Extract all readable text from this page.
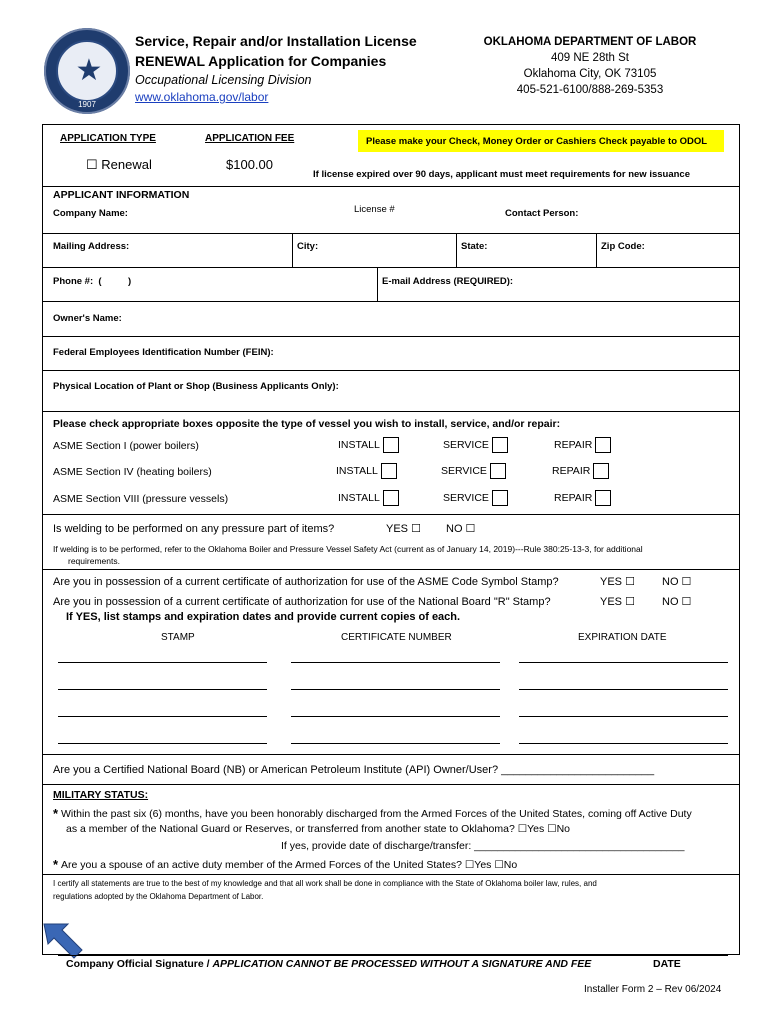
★
1907
Service, Repair and/or Installation License
RENEWAL Application for Companies
Occupational Licensing Division
www.oklahoma.gov/labor
OKLAHOMA DEPARTMENT OF LABOR
409 NE 28th St
Oklahoma City, OK 73105
405-521-6100/888-269-5353
APPLICATION TYPE	APPLICATION FEE	Please make your Check, Money Order or Cashiers Check payable to ODOL
☐ Renewal	$100.00
If license expired over 90 days, applicant must meet requirements for new issuance
APPLICANT INFORMATION
Company Name:	License #	Contact Person:
Mailing Address:	City:	State:	Zip Code:
Phone #:  (          )	E-mail Address (REQUIRED):
Owner's Name:
Federal Employees Identification Number (FEIN):
Physical Location of Plant or Shop (Business Applicants Only):
Please check appropriate boxes opposite the type of vessel you wish to install, service, and/or repair:
ASME Section I (power boilers)	INSTALL	SERVICE	REPAIR
ASME Section IV (heating boilers)	INSTALL	SERVICE	REPAIR
ASME Section VIII (pressure vessels)	INSTALL	SERVICE	REPAIR
Is welding to be performed on any pressure part of items?	YES ☐ NO ☐
If welding is to be performed, refer to the Oklahoma Boiler and Pressure Vessel Safety Act (current as of January 14, 2019)---Rule 380:25-13-3, for additional
requirements.
Are you in possession of a current certificate of authorization for use of the ASME Code Symbol Stamp?	YES ☐ NO ☐
Are you in possession of a current certificate of authorization for use of the National Board "R" Stamp?	YES ☐ NO ☐
If YES, list stamps and expiration dates and provide current copies of each.
STAMP	CERTIFICATE NUMBER	EXPIRATION DATE
Are you a Certified National Board (NB) or American Petroleum Institute (API) Owner/User? _________________________
MILITARY STATUS:
* Within the past six (6) months, have you been honorably discharged from the Armed Forces of the United States, coming off Active Duty
as a member of the National Guard or Reserves, or transferred from another state to Oklahoma? ☐Yes ☐No
If yes, provide date of discharge/transfer: ____________________________________
* Are you a spouse of an active duty member of the Armed Forces of the United States? ☐Yes ☐No
I certify all statements are true to the best of my knowledge and that all work shall be done in compliance with the State of Oklahoma boiler law, rules, and
regulations adopted by the Oklahoma Department of Labor.
Company Official Signature / APPLICATION CANNOT BE PROCESSED WITHOUT A SIGNATURE AND FEE	DATE
Installer Form 2 – Rev 06/2024
